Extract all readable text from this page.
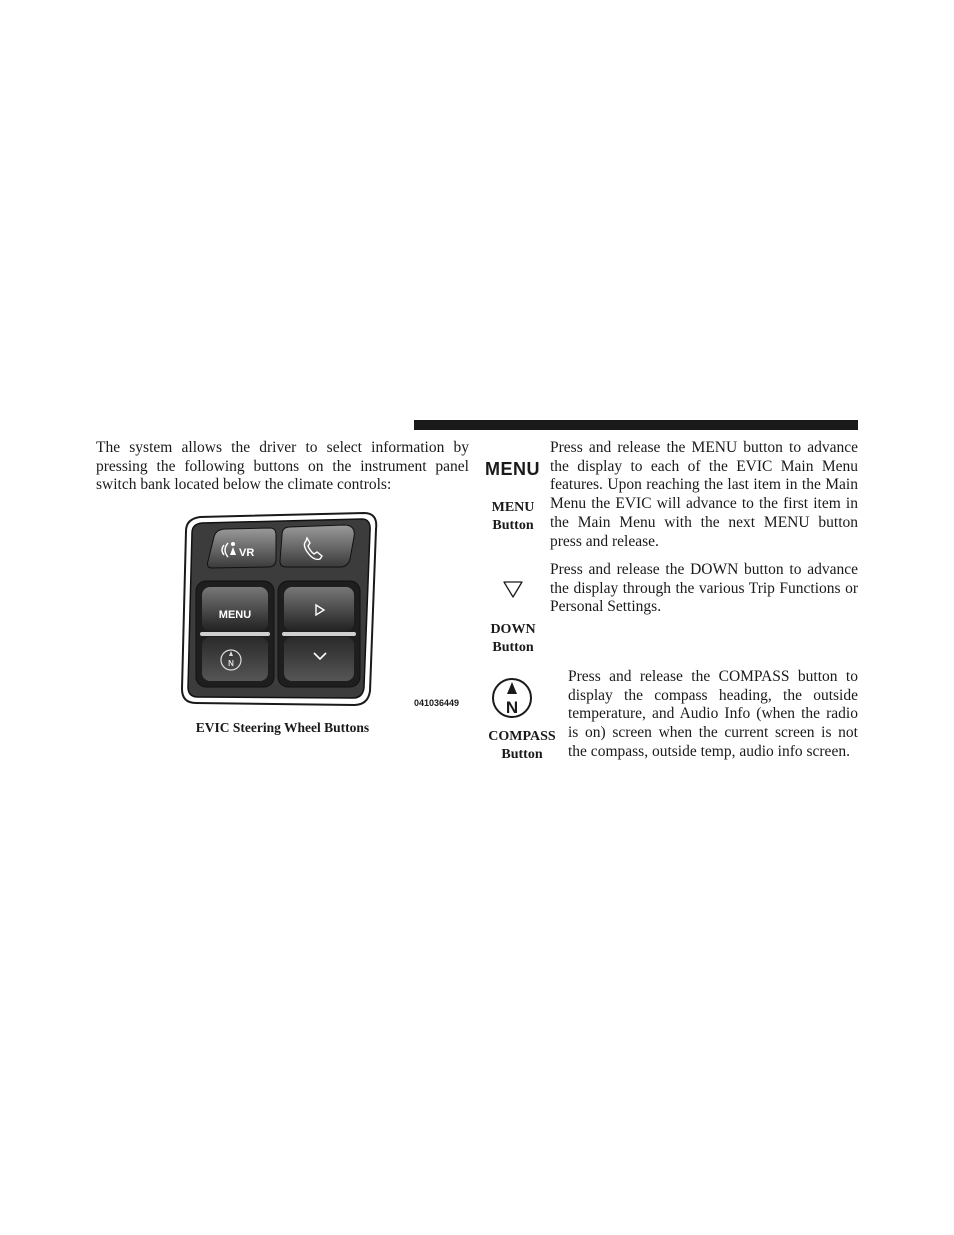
The system allows the driver to select information by pressing the following buttons on the instrument panel switch bank located below the climate controls:

VR
MENU
N
041036449
EVIC Steering Wheel Buttons
MENU
MENU
Button

Press and release the MENU button to advance the display to each of the EVIC Main Menu features. Upon reaching the last item in the Main Menu the EVIC will advance to the first item in the Main Menu with the next MENU button press and release.

DOWN
Button

Press and release the DOWN button to advance the display through the various Trip Functions or Personal Settings.

N
COMPASS
Button

Press and release the COMPASS button to display the compass heading, the outside temperature, and Audio Info (when the radio is on) screen when the current screen is not the compass, outside temp, audio info screen.
